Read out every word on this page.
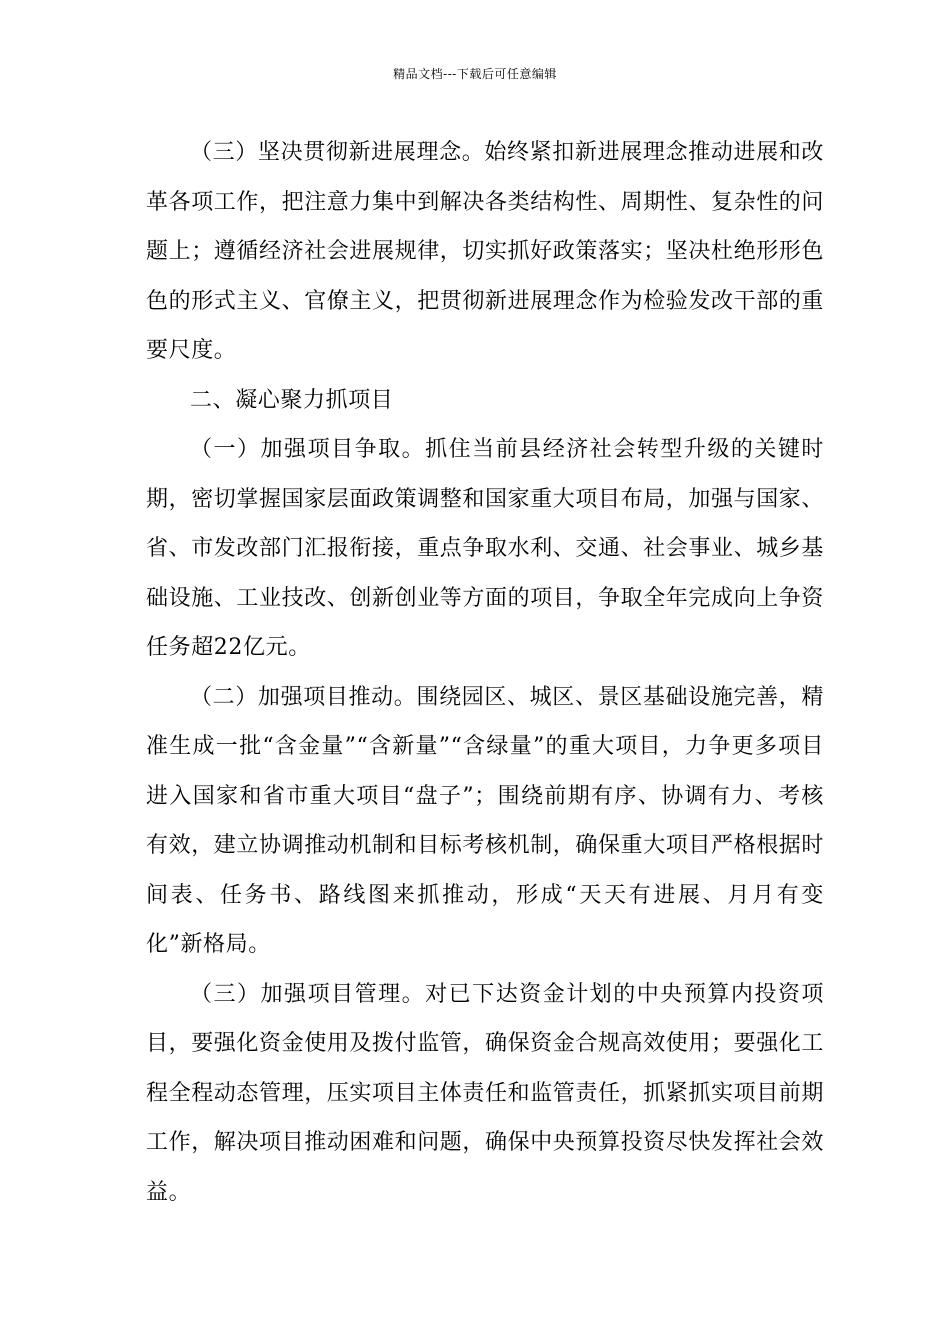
精品文档---下载后可任意编辑

（三）坚决贯彻新进展理念。始终紧扣新进展理念推动进展和改革各项工作，把注意力集中到解决各类结构性、周期性、复杂性的问题上；遵循经济社会进展规律，切实抓好政策落实；坚决杜绝形形色色的形式主义、官僚主义，把贯彻新进展理念作为检验发改干部的重要尺度。

二、凝心聚力抓项目

（一）加强项目争取。抓住当前县经济社会转型升级的关键时期，密切掌握国家层面政策调整和国家重大项目布局，加强与国家、省、市发改部门汇报衔接，重点争取水利、交通、社会事业、城乡基础设施、工业技改、创新创业等方面的项目，争取全年完成向上争资任务超22亿元。

（二）加强项目推动。围绕园区、城区、景区基础设施完善，精准生成一批“含金量”“含新量”“含绿量”的重大项目，力争更多项目进入国家和省市重大项目“盘子”；围绕前期有序、协调有力、考核有效，建立协调推动机制和目标考核机制，确保重大项目严格根据时间表、任务书、路线图来抓推动，形成“天天有进展、月月有变化”新格局。

（三）加强项目管理。对已下达资金计划的中央预算内投资项目，要强化资金使用及拨付监管，确保资金合规高效使用；要强化工程全程动态管理，压实项目主体责任和监管责任，抓紧抓实项目前期工作，解决项目推动困难和问题，确保中央预算投资尽快发挥社会效益。
